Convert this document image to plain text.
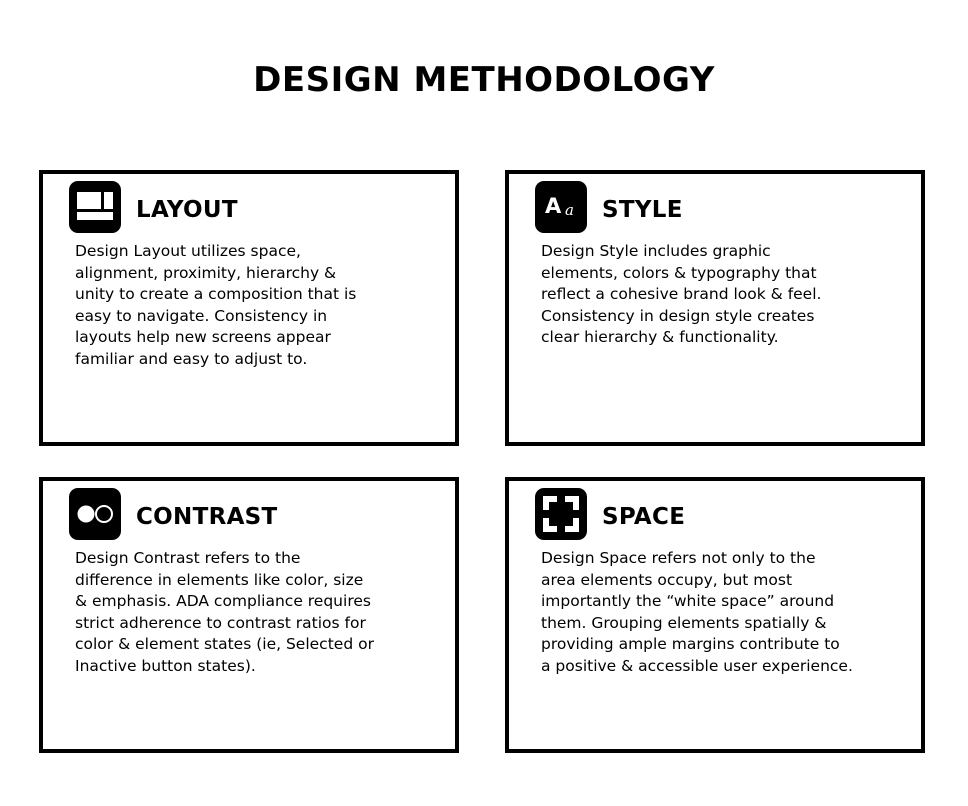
DESIGN METHODOLOGY
LAYOUT
Design Layout utilizes space,
alignment, proximity, hierarchy &
unity to create a composition that is
easy to navigate. Consistency in
layouts help new screens appear
familiar and easy to adjust to.
A a STYLE
Design Style includes graphic
elements, colors & typography that
reflect a cohesive brand look & feel.
Consistency in design style creates
clear hierarchy & functionality.
CONTRAST
Design Contrast refers to the
difference in elements like color, size
& emphasis. ADA compliance requires
strict adherence to contrast ratios for
color & element states (ie, Selected or
Inactive button states).
SPACE
Design Space refers not only to the
area elements occupy, but most
importantly the “white space” around
them. Grouping elements spatially &
providing ample margins contribute to
a positive & accessible user experience.
